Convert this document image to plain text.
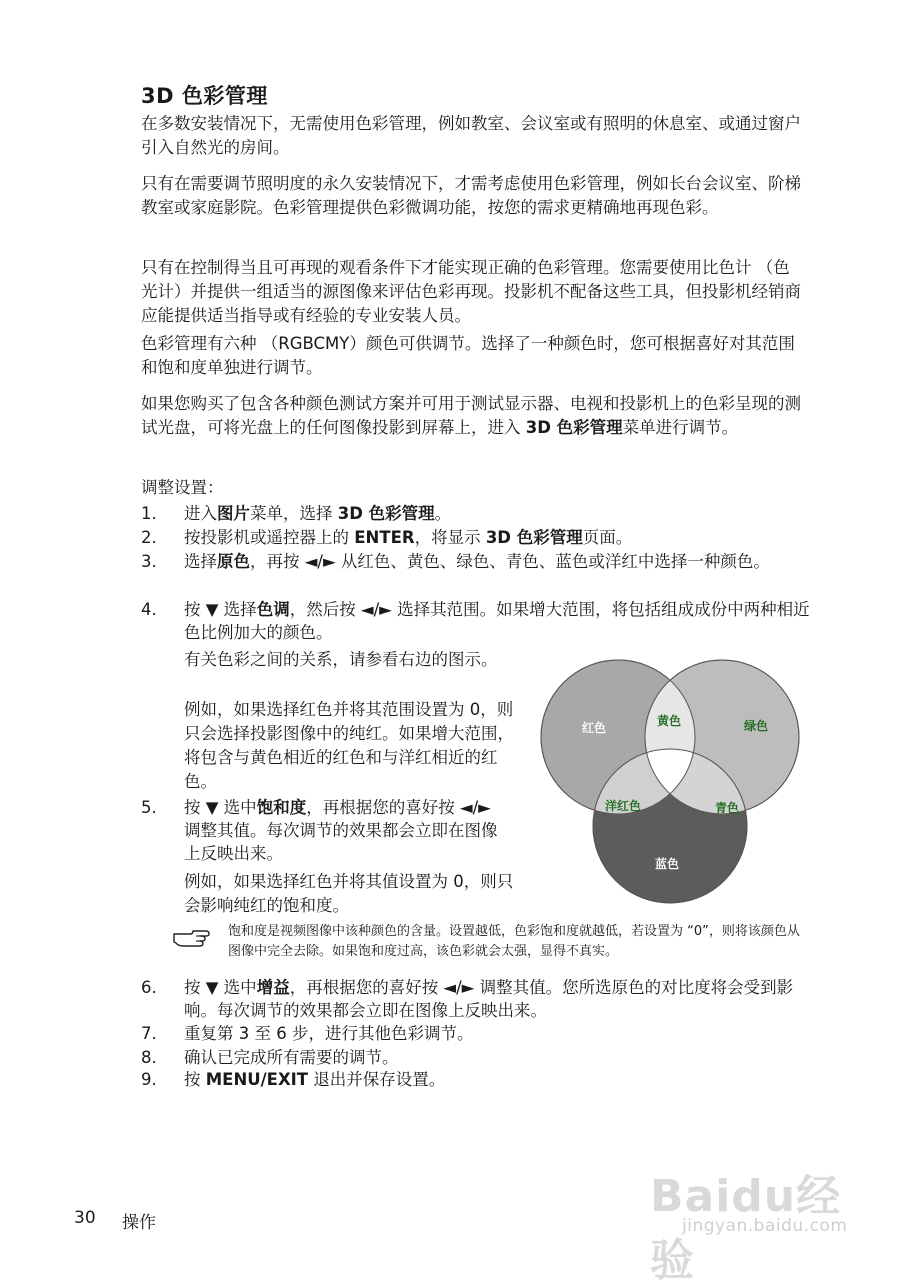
3D 色彩管理

在多数安装情况下，无需使用色彩管理，例如教室、会议室或有照明的休息室、或通过窗户引入自然光的房间。

只有在需要调节照明度的永久安装情况下，才需考虑使用色彩管理，例如长台会议室、阶梯教室或家庭影院。色彩管理提供色彩微调功能，按您的需求更精确地再现色彩。

只有在控制得当且可再现的观看条件下才能实现正确的色彩管理。您需要使用比色计 （色光计）并提供一组适当的源图像来评估色彩再现。投影机不配备这些工具，但投影机经销商应能提供适当指导或有经验的专业安装人员。

色彩管理有六种 （RGBCMY）颜色可供调节。选择了一种颜色时，您可根据喜好对其范围和饱和度单独进行调节。

如果您购买了包含各种颜色测试方案并可用于测试显示器、电视和投影机上的色彩呈现的测试光盘，可将光盘上的任何图像投影到屏幕上，进入 3D 色彩管理菜单进行调节。

调整设置：
1.	进入图片菜单，选择 3D 色彩管理。
2.	按投影机或遥控器上的 ENTER，将显示 3D 色彩管理页面。
3.	选择原色，再按 ◄/► 从红色、黄色、绿色、青色、蓝色或洋红中选择一种颜色。
4.	按 ▼ 选择色调，然后按 ◄/► 选择其范围。如果增大范围，将包括组成成份中两种相近色比例加大的颜色。

有关色彩之间的关系，请参看右边的图示。

例如，如果选择红色并将其范围设置为 0，则只会选择投影图像中的纯红。如果增大范围，将包含与黄色相近的红色和与洋红相近的红色。

5.	按 ▼ 选中饱和度，再根据您的喜好按 ◄/► 调整其值。每次调节的效果都会立即在图像上反映出来。

例如，如果选择红色并将其值设置为 0，则只会影响纯红的饱和度。

饱和度是视频图像中该种颜色的含量。设置越低，色彩饱和度就越低，若设置为 “0”，则将该颜色从图像中完全去除。如果饱和度过高，该色彩就会太强，显得不真实。
6.	按 ▼ 选中增益，再根据您的喜好按 ◄/► 调整其值。您所选原色的对比度将会受到影响。每次调节的效果都会立即在图像上反映出来。
7.	重复第 3 至 6 步，进行其他色彩调节。
8.	确认已完成所有需要的调节。
9.	按 MENU/EXIT 退出并保存设置。
红色	黄色	绿色
洋红色	青色
蓝色
30 操作
Baidu经验
jingyan.baidu.com
